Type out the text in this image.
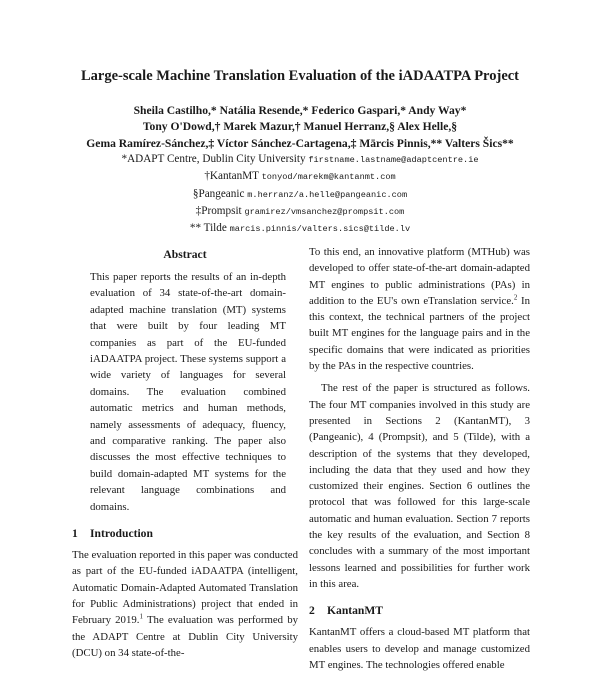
Large-scale Machine Translation Evaluation of the iADAATPA Project
Sheila Castilho,* Natália Resende,* Federico Gaspari,* Andy Way*
Tony O'Dowd,† Marek Mazur,† Manuel Herranz,§ Alex Helle,§
Gema Ramírez-Sánchez,‡ Víctor Sánchez-Cartagena,‡ Mārcis Pinnis,** Valters Šics**
*ADAPT Centre, Dublin City University firstname.lastname@adaptcentre.ie
†KantanMT tonyod/marekm@kantanmt.com
§Pangeanic m.herranz/a.helle@pangeanic.com
‡Prompsit gramirez/vmsanchez@prompsit.com
** Tilde marcis.pinnis/valters.sics@tilde.lv
Abstract

This paper reports the results of an in-depth evaluation of 34 state-of-the-art domain-adapted machine translation (MT) systems that were built by four leading MT companies as part of the EU-funded iADAATPA project. These systems support a wide variety of languages for several domains. The evaluation combined automatic metrics and human methods, namely assessments of adequacy, fluency, and comparative ranking. The paper also discusses the most effective techniques to build domain-adapted MT systems for the relevant language combinations and domains.

1 Introduction

The evaluation reported in this paper was conducted as part of the EU-funded iADAATPA (intelligent, Automatic Domain-Adapted Automated Translation for Public Administrations) project that ended in February 2019.$^1$ The evaluation was performed by the ADAPT Centre at Dublin City University (DCU) on 34 state-of-the-

To this end, an innovative platform (MTHub) was developed to offer state-of-the-art domain-adapted MT engines to public administrations (PAs) in addition to the EU's own eTranslation service.$^2$ In this context, the technical partners of the project built MT engines for the language pairs and in the specific domains that were indicated as priorities by the PAs in the respective countries.

The rest of the paper is structured as follows. The four MT companies involved in this study are presented in Sections 2 (KantanMT), 3 (Pangeanic), 4 (Prompsit), and 5 (Tilde), with a description of the systems that they developed, including the data that they used and how they customized their engines. Section 6 outlines the protocol that was followed for this large-scale automatic and human evaluation. Section 7 reports the key results of the evaluation, and Section 8 concludes with a summary of the most important lessons learned and possibilities for further work in this area.

2 KantanMT

KantanMT offers a cloud-based MT platform that enables users to develop and manage customized MT engines. The technologies offered enable
